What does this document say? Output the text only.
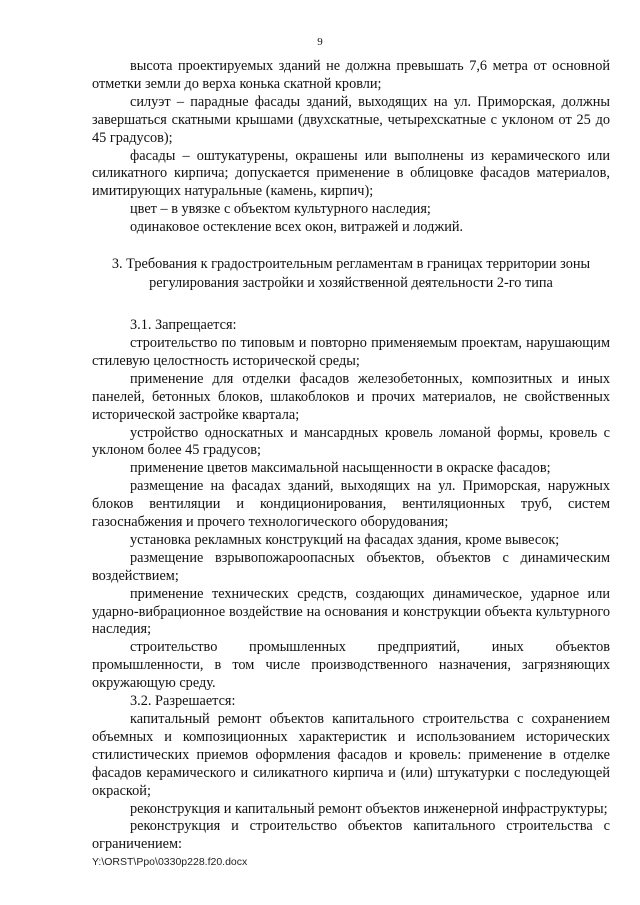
9

высота проектируемых зданий не должна превышать 7,6 метра от основной отметки земли до верха конька скатной кровли;

силуэт – парадные фасады зданий, выходящих на ул. Приморская, должны завершаться скатными крышами (двухскатные, четырехскатные с уклоном от 25 до 45 градусов);

фасады – оштукатурены, окрашены или выполнены из керамического или силикатного кирпича; допускается применение в облицовке фасадов материалов, имитирующих натуральные (камень, кирпич);

цвет – в увязке с объектом культурного наследия;

одинаковое остекление всех окон, витражей и лоджий.

3. Требования к градостроительным регламентам в границах территории зоны регулирования застройки и хозяйственной деятельности 2-го типа

3.1. Запрещается:

строительство по типовым и повторно применяемым проектам, нарушающим стилевую целостность исторической среды;

применение для отделки фасадов железобетонных, композитных и иных панелей, бетонных блоков, шлакоблоков и прочих материалов, не свойственных исторической застройке квартала;

устройство односкатных и мансардных кровель ломаной формы, кровель с уклоном более 45 градусов;

применение цветов максимальной насыщенности в окраске фасадов;

размещение на фасадах зданий, выходящих на ул. Приморская, наружных блоков вентиляции и кондиционирования, вентиляционных труб, систем газоснабжения и прочего технологического оборудования;

установка рекламных конструкций на фасадах здания, кроме вывесок;

размещение взрывопожароопасных объектов, объектов с динамическим воздействием;

применение технических средств, создающих динамическое, ударное или ударно-вибрационное воздействие на основания и конструкции объекта культурного наследия;

строительство промышленных предприятий, иных объектов промышленности, в том числе производственного назначения, загрязняющих окружающую среду.

3.2. Разрешается:

капитальный ремонт объектов капитального строительства с сохранением объемных и композиционных характеристик и использованием исторических стилистических приемов оформления фасадов и кровель: применение в отделке фасадов керамического и силикатного кирпича и (или) штукатурки с последующей окраской;

реконструкция и капитальный ремонт объектов инженерной инфраструктуры;

реконструкция и строительство объектов капитального строительства с ограничением:

Y:\ORST\Ppo\0330p228.f20.docx
